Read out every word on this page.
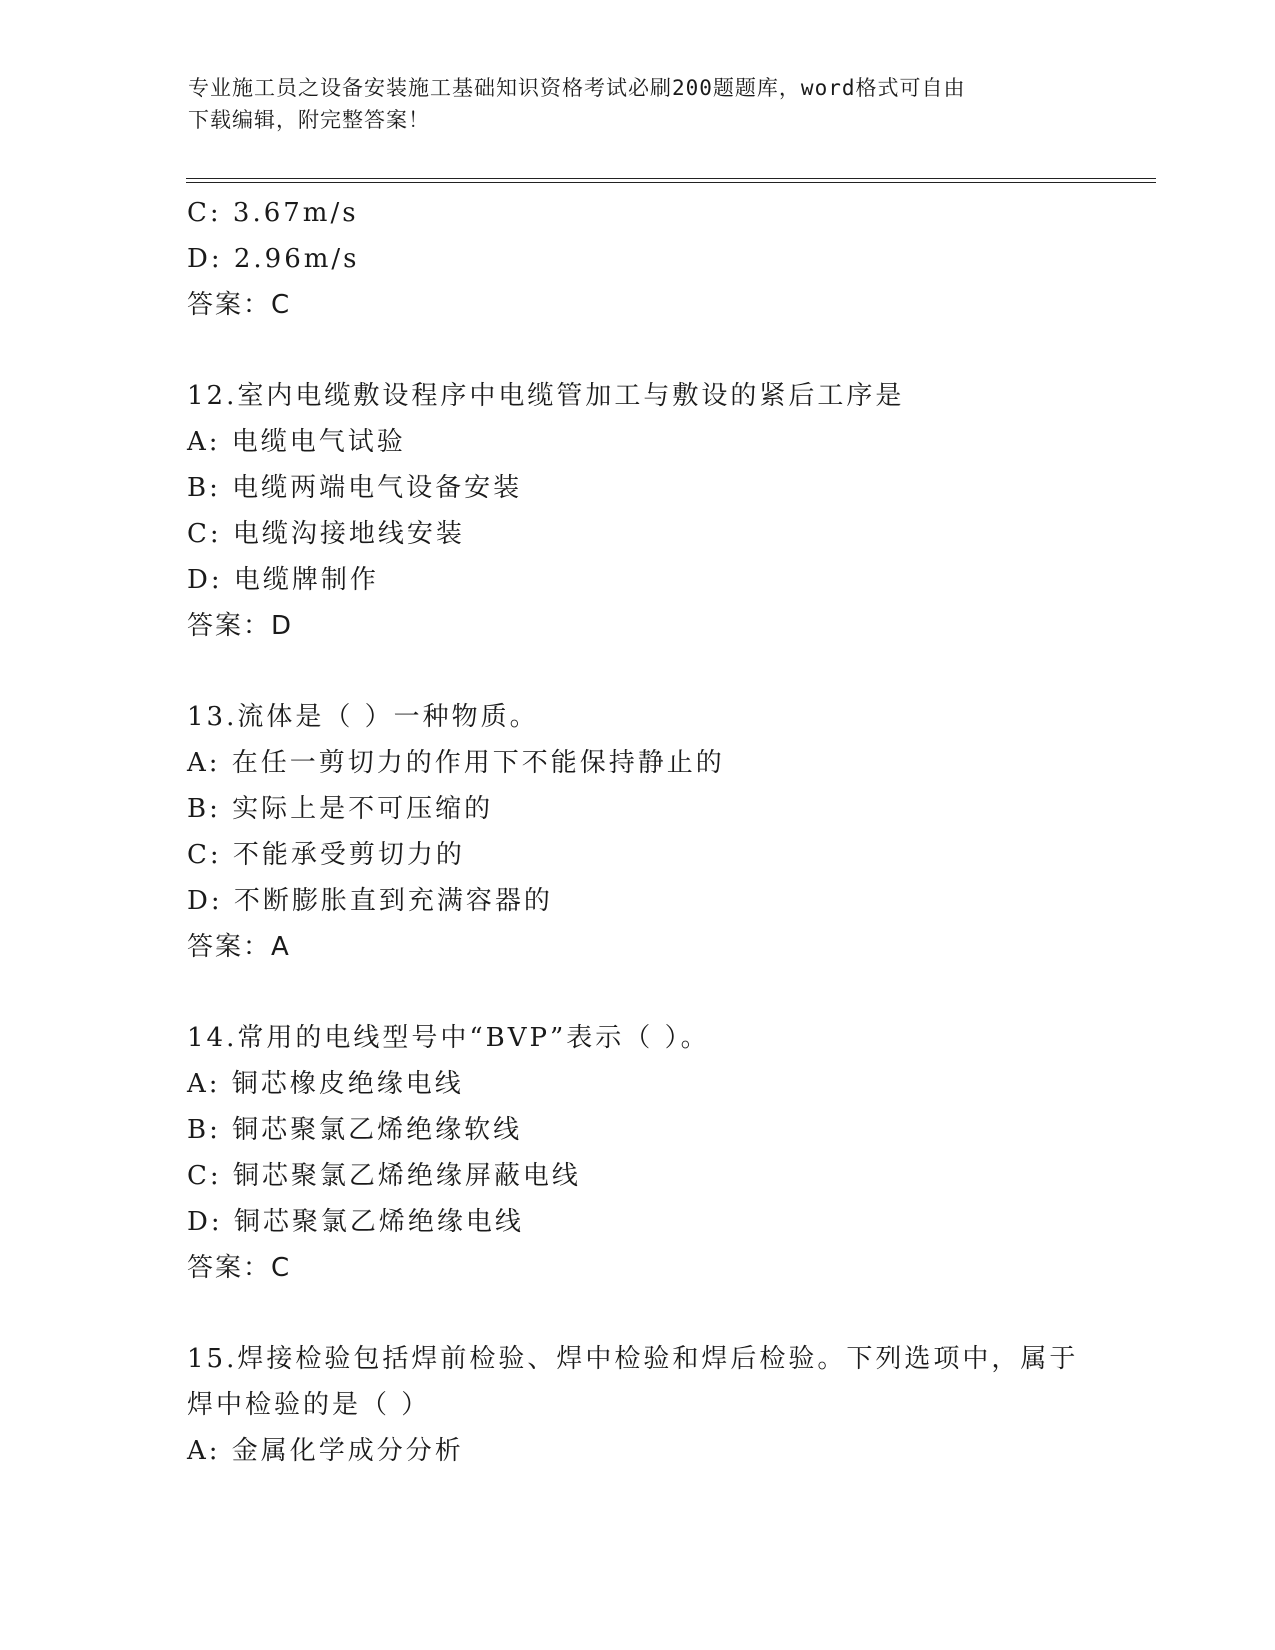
专业施工员之设备安装施工基础知识资格考试必刷200题题库，word格式可自由
下载编辑，附完整答案！
C: 3.67m/s
D: 2.96m/s
答案：C
12.室内电缆敷设程序中电缆管加工与敷设的紧后工序是
A: 电缆电气试验
B: 电缆两端电气设备安装
C: 电缆沟接地线安装
D: 电缆牌制作
答案：D
13.流体是（ ）一种物质。
A: 在任一剪切力的作用下不能保持静止的
B: 实际上是不可压缩的
C: 不能承受剪切力的
D: 不断膨胀直到充满容器的
答案：A
14.常用的电线型号中“BVP”表示（ ）。
A: 铜芯橡皮绝缘电线
B: 铜芯聚氯乙烯绝缘软线
C: 铜芯聚氯乙烯绝缘屏蔽电线
D: 铜芯聚氯乙烯绝缘电线
答案：C
15.焊接检验包括焊前检验、焊中检验和焊后检验。下列选项中，属于
焊中检验的是（ ）
A: 金属化学成分分析
